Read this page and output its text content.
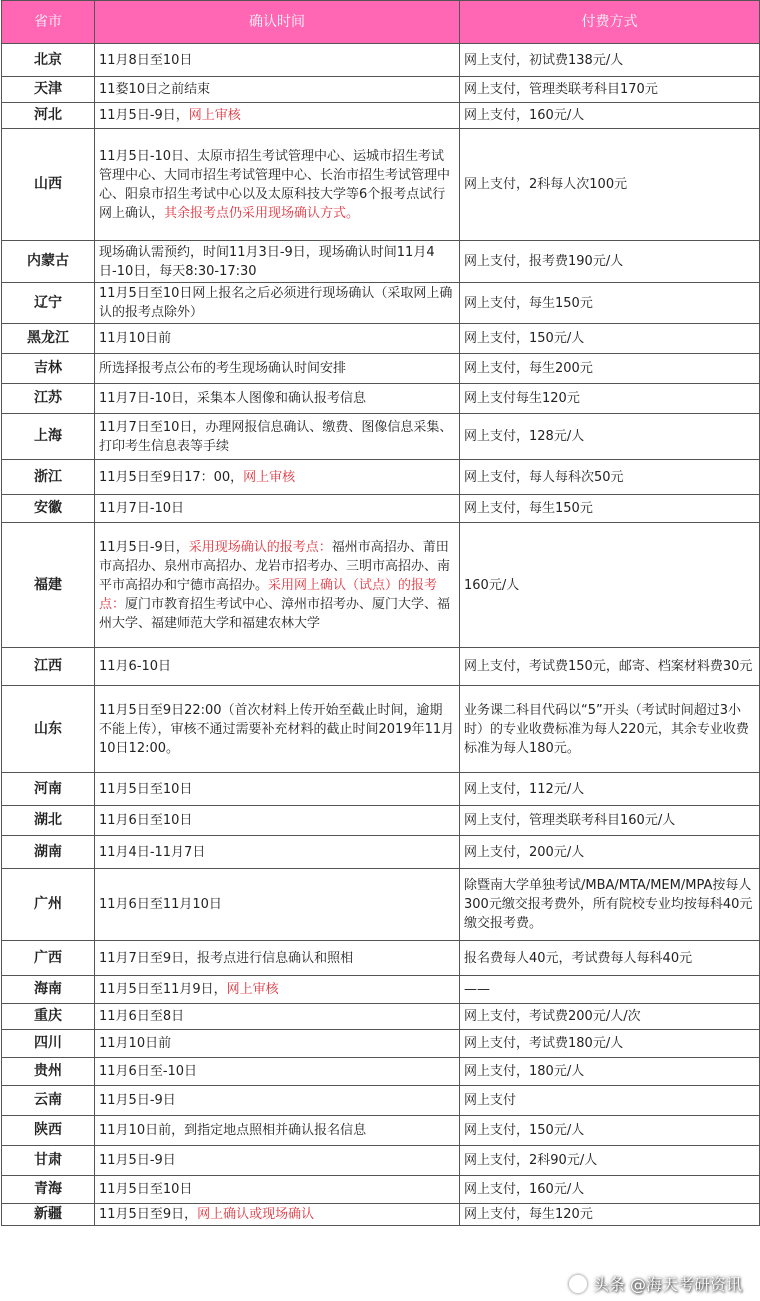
省市	确认时间	付费方式
北京	11月8日至10日	网上支付，初试费138元/人
天津	11婺10日之前结束	网上支付，管理类联考科目170元
河北	11月5日-9日，网上审核	网上支付，160元/人
山西	11月5日-10日、太原市招生考试管理中心、运城市招生考试管理中心、大同市招生考试管理中心、长治市招生考试管理中心、阳泉市招生考试中心以及太原科技大学等6个报考点试行网上确认，其余报考点仍采用现场确认方式。	网上支付，2科每人次100元
内蒙古	现场确认需预约，时间11月3日-9日，现场确认时间11月4日-10日，每天8:30-17:30	网上支付，报考费190元/人
辽宁	11月5日至10日网上报名之后必须进行现场确认（采取网上确认的报考点除外）	网上支付，每生150元
黑龙江	11月10日前	网上支付，150元/人
吉林	所选择报考点公布的考生现场确认时间安排	网上支付，每生200元
江苏	11月7日-10日，采集本人图像和确认报考信息	网上支付每生120元
上海	11月7日至10日，办理网报信息确认、缴费、图像信息采集、打印考生信息表等手续	网上支付，128元/人
浙江	11月5日至9日17：00，网上审核	网上支付，每人每科次50元
安徽	11月7日-10日	网上支付，每生150元
福建	11月5日-9日，采用现场确认的报考点：福州市高招办、莆田市高招办、泉州市高招办、龙岩市招考办、三明市高招办、南平市高招办和宁德市高招办。采用网上确认（试点）的报考点：厦门市教育招生考试中心、漳州市招考办、厦门大学、福州大学、福建师范大学和福建农林大学	160元/人
江西	11月6-10日	网上支付，考试费150元，邮寄、档案材料费30元
山东	11月5日至9日22:00（首次材料上传开始至截止时间，逾期不能上传），审核不通过需要补充材料的截止时间2019年11月10日12:00。	业务课二科目代码以“5”开头（考试时间超过3小时）的专业收费标准为每人220元，其余专业收费标准为每人180元。
河南	11月5日至10日	网上支付，112元/人
湖北	11月6日至10日	网上支付，管理类联考科目160元/人
湖南	11月4日-11月7日	网上支付，200元/人
广州	11月6日至11月10日	除暨南大学单独考试/MBA/MTA/MEM/MPA按每人300元缴交报考费外，所有院校专业均按每科40元缴交报考费。
广西	11月7日至9日，报考点进行信息确认和照相	报名费每人40元，考试费每人每科40元
海南	11月5日至11月9日，网上审核	——
重庆	11月6日至8日	网上支付，考试费200元/人/次
四川	11月10日前	网上支付，考试费180元/人
贵州	11月6日至-10日	网上支付，180元/人
云南	11月5日-9日	网上支付
陕西	11月10日前，到指定地点照相并确认报名信息	网上支付，150元/人
甘肃	11月5日-9日	网上支付，2科90元/人
青海	11月5日至10日	网上支付，160元/人
新疆	11月5日至9日，网上确认或现场确认	网上支付，每生120元
头条 @海天考研资讯
